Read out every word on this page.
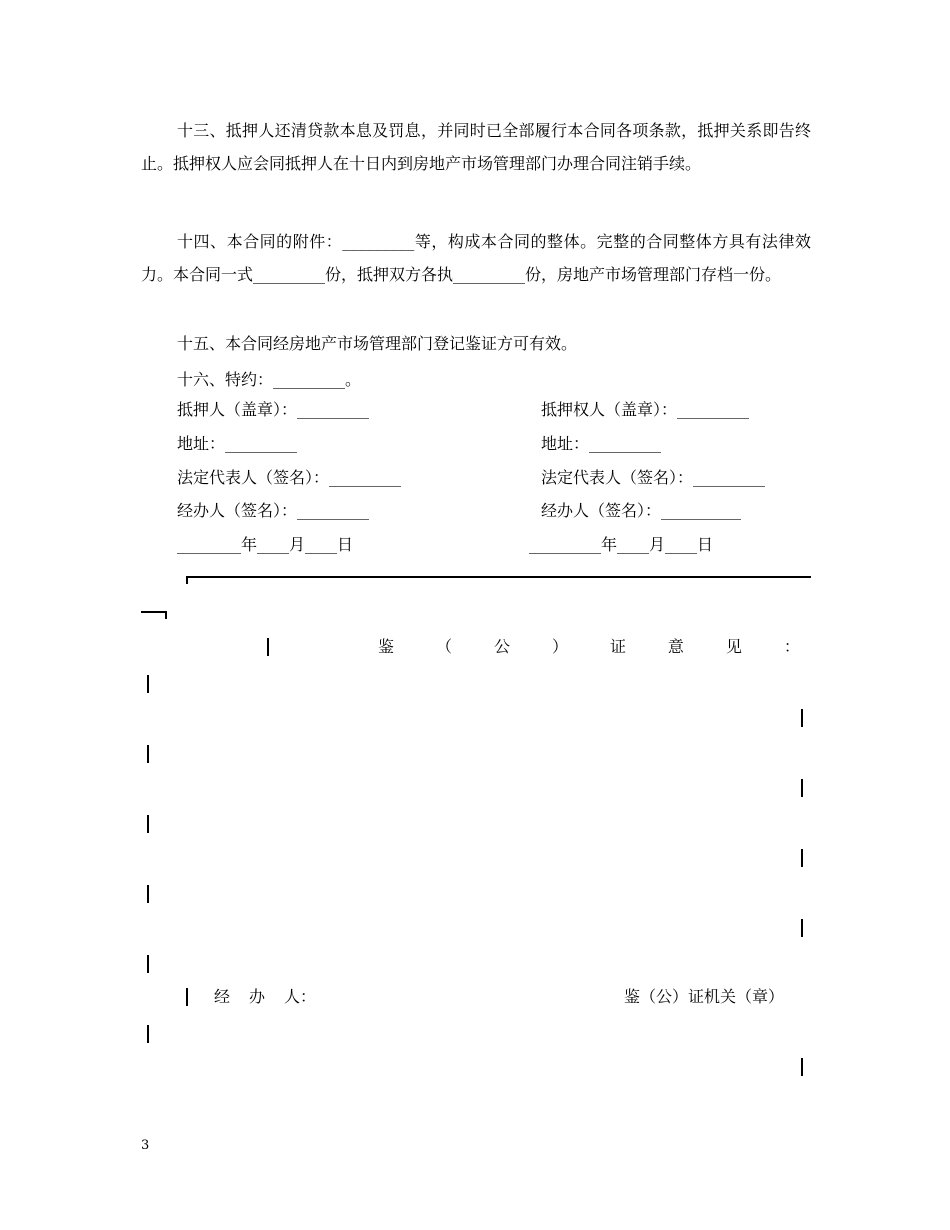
十三、抵押人还清贷款本息及罚息，并同时已全部履行本合同各项条款，抵押关系即告终止。抵押权人应会同抵押人在十日内到房地产市场管理部门办理合同注销手续。

十四、本合同的附件：_________等，构成本合同的整体。完整的合同整体方具有法律效力。本合同一式_________份，抵押双方各执_________份，房地产市场管理部门存档一份。

十五、本合同经房地产市场管理部门登记鉴证方可有效。

十六、特约：_________。

抵押人（盖章）：_________	抵押权人（盖章）：_________
地址：_________	地址：_________
法定代表人（签名）：_________	法定代表人（签名）：_________
经办人（签名）：_________	经办人（签名）：__________
________年____月____日	_________年____月____日
鉴	（	公	）	证	意	见	：
经 办 人：	鉴（公）证机关（章）
3
